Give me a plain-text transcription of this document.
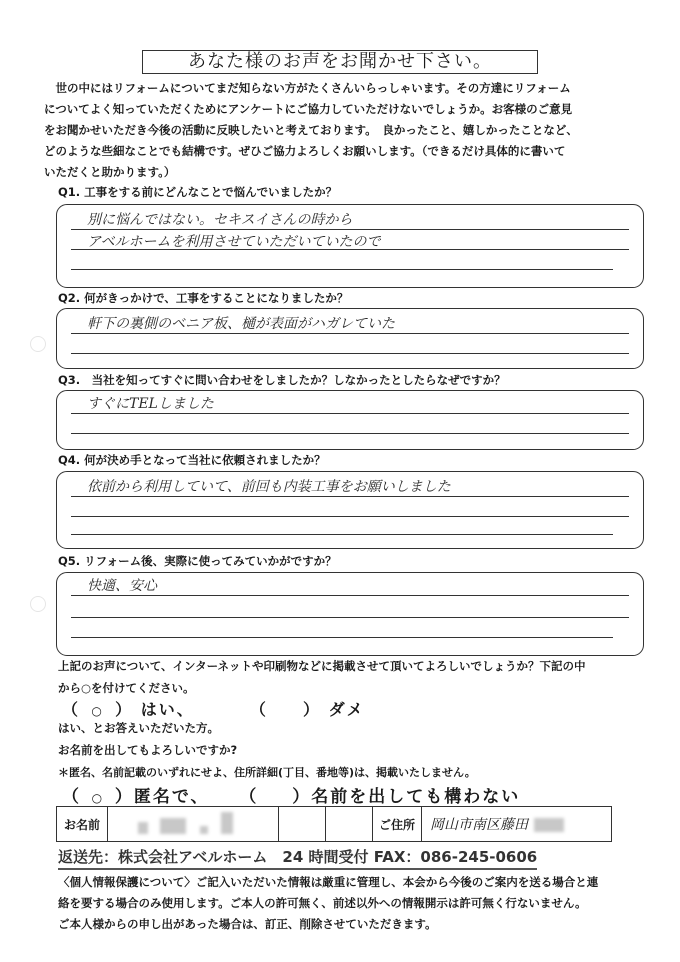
あなた様のお声をお聞かせ下さい。

　世の中にはリフォームについてまだ知らない方がたくさんいらっしゃいます。その方達にリフォーム

についてよく知っていただくためにアンケートにご協力していただけないでしょうか。お客様のご意見

をお聞かせいただき今後の活動に反映したいと考えております。　良かったこと、嬉しかったことなど、

どのような些細なことでも結構です。ぜひご協力よろしくお願いします。（できるだけ具体的に書いて

いただくと助かります。）

Q1. 工事をする前にどんなことで悩んでいましたか？
別に悩んではない。セキスイさんの時から
アベルホームを利用させていただいていたので
Q2. 何がきっかけで、工事をすることになりましたか？
軒下の裏側のベニア板、樋が表面がハガレていた
Q3.　当社を知ってすぐに問い合わせをしましたか？しなかったとしたらなぜですか？
すぐにTELしました
Q4. 何が決め手となって当社に依頼されましたか？
依前から利用していて、前回も内装工事をお願いしました
Q5. リフォーム後、実際に使ってみていかがですか？
快適、安心
上記のお声について、インターネットや印刷物などに掲載させて頂いてよろしいでしょうか？下記の中
から○を付けてください。
（ ○ ） はい、	（  ） ダメ
はい、とお答えいただいた方。
お名前を出してもよろしいですか?
＊匿名、名前記載のいずれにせよ、住所詳細(丁目、番地等)は、掲載いたしません。
（ ○ ）匿名で、 （  ）名前を出しても構わない
お名前				ご住所	岡山市南区藤田
返送先：株式会社アベルホーム　24 時間受付 FAX：086-245-0606

〈個人情報保護について〉ご記入いただいた情報は厳重に管理し、本会から今後のご案内を送る場合と連

絡を要する場合のみ使用します。ご本人の許可無く、前述以外への情報開示は許可無く行ないません。

ご本人様からの申し出があった場合は、訂正、削除させていただきます。
